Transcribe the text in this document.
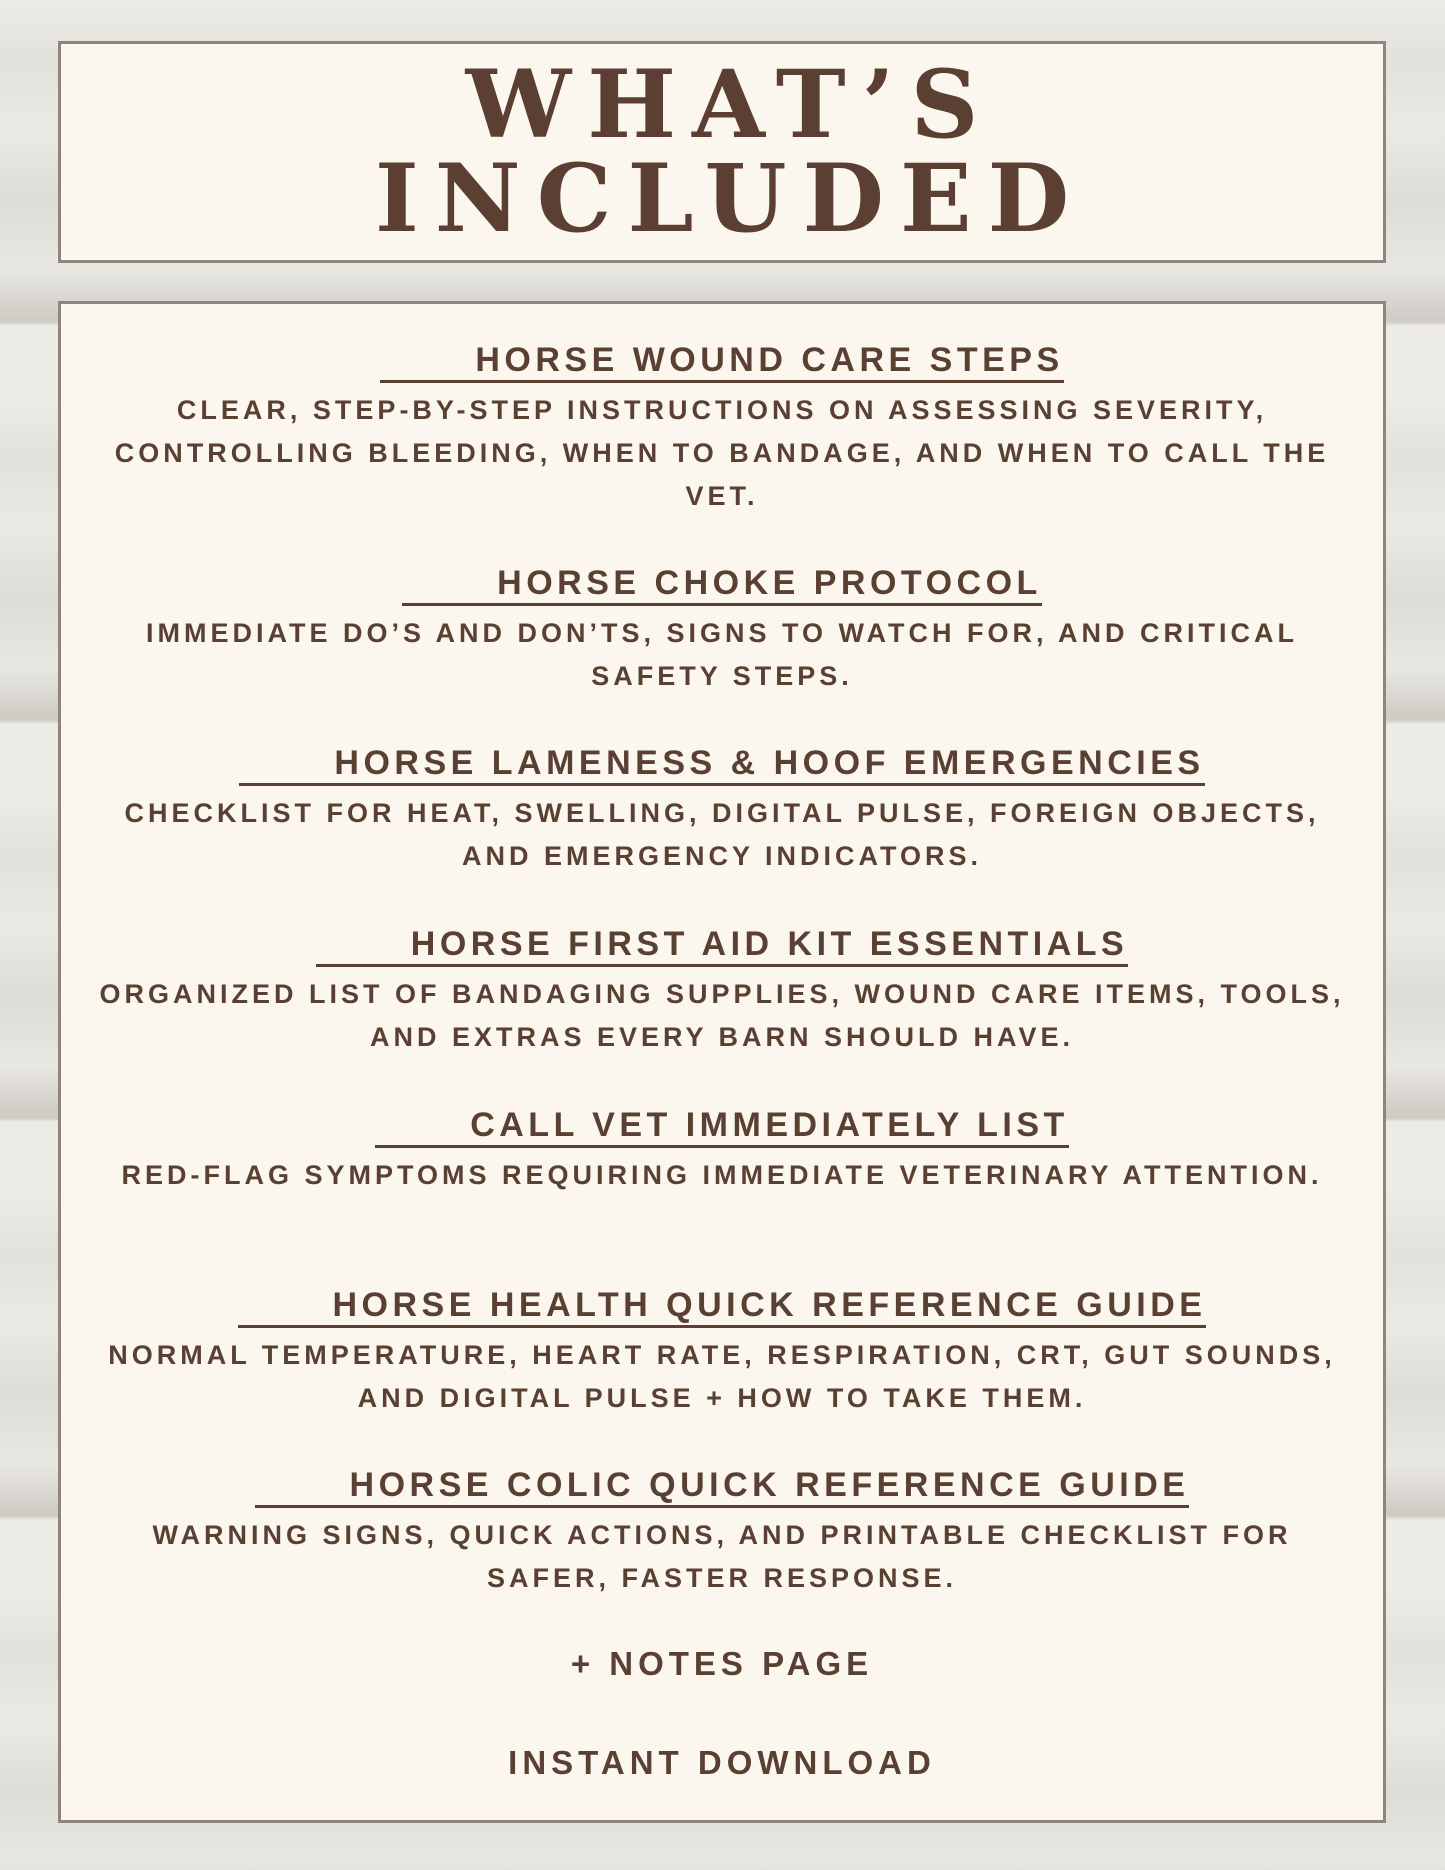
WHAT’S
INCLUDED
HORSE WOUND CARE STEPS
CLEAR, STEP-BY-STEP INSTRUCTIONS ON ASSESSING SEVERITY, CONTROLLING BLEEDING, WHEN TO BANDAGE, AND WHEN TO CALL THE VET.
HORSE CHOKE PROTOCOL
IMMEDIATE DO’S AND DON’TS, SIGNS TO WATCH FOR, AND CRITICAL SAFETY STEPS.
HORSE LAMENESS & HOOF EMERGENCIES
CHECKLIST FOR HEAT, SWELLING, DIGITAL PULSE, FOREIGN OBJECTS, AND EMERGENCY INDICATORS.
HORSE FIRST AID KIT ESSENTIALS
ORGANIZED LIST OF BANDAGING SUPPLIES, WOUND CARE ITEMS, TOOLS, AND EXTRAS EVERY BARN SHOULD HAVE.
CALL VET IMMEDIATELY LIST
RED-FLAG SYMPTOMS REQUIRING IMMEDIATE VETERINARY ATTENTION.
HORSE HEALTH QUICK REFERENCE GUIDE
NORMAL TEMPERATURE, HEART RATE, RESPIRATION, CRT, GUT SOUNDS, AND DIGITAL PULSE + HOW TO TAKE THEM.
HORSE COLIC QUICK REFERENCE GUIDE
WARNING SIGNS, QUICK ACTIONS, AND PRINTABLE CHECKLIST FOR SAFER, FASTER RESPONSE.
+ NOTES PAGE
INSTANT DOWNLOAD
